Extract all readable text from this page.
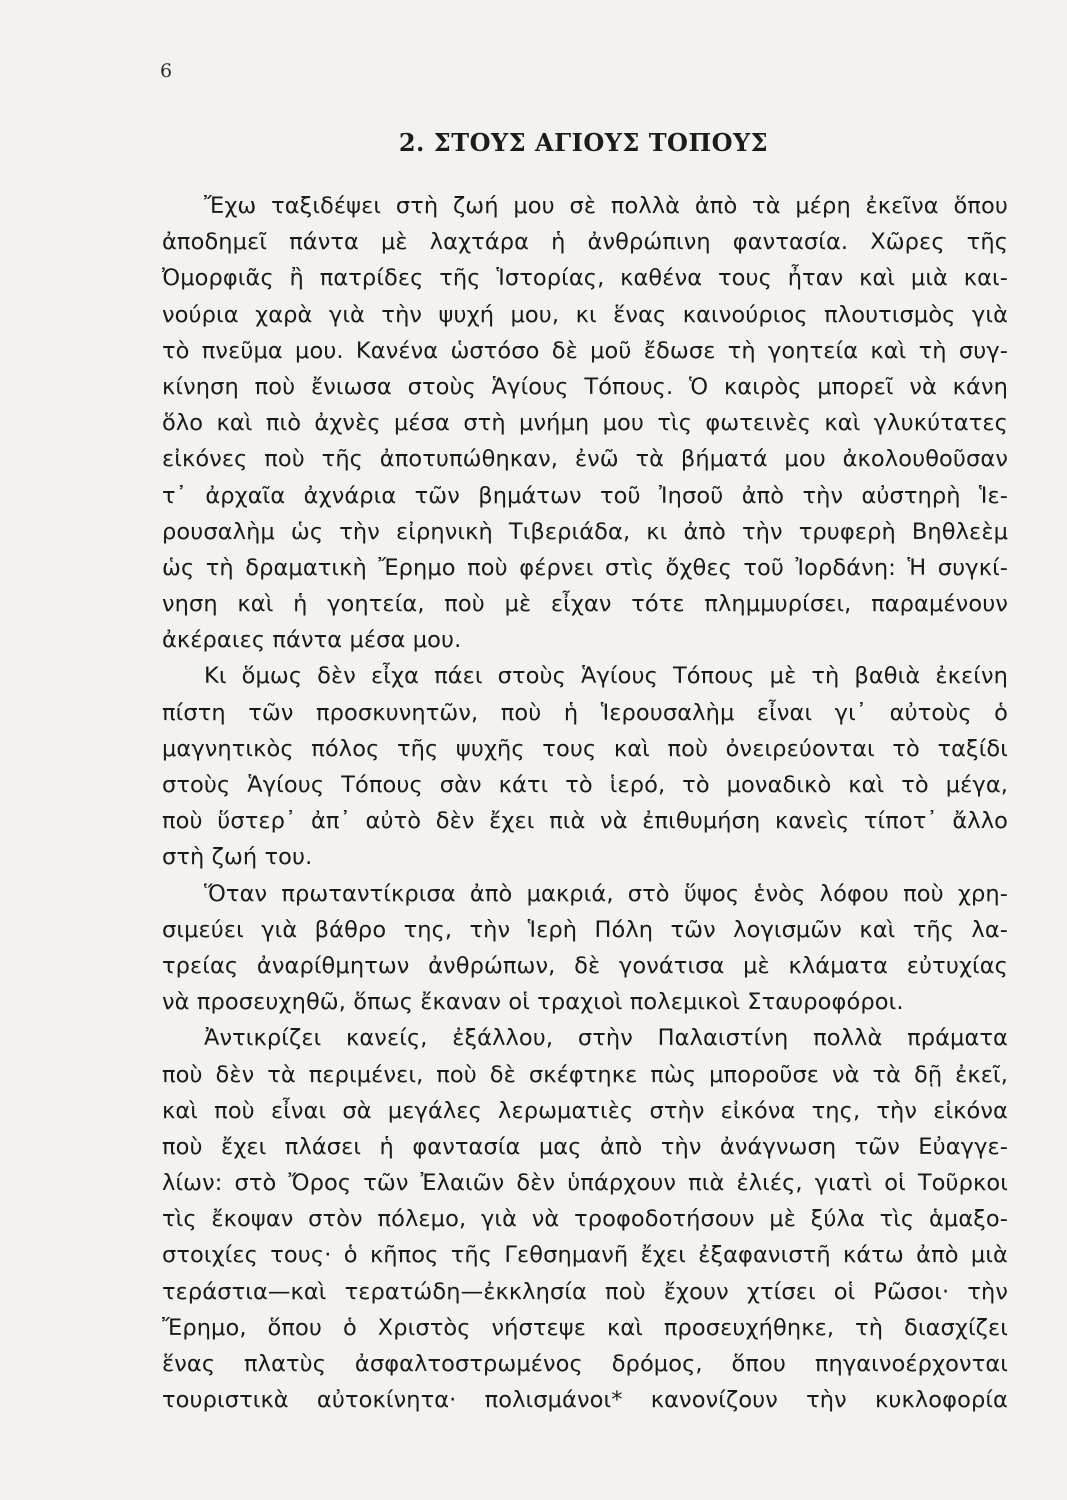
6
2. ΣΤΟΥΣ ΑΓΙΟΥΣ ΤΟΠΟΥΣ
Ἔχω ταξιδέψει στὴ ζωή μου σὲ πολλὰ ἀπὸ τὰ μέρη ἐκεῖνα ὅπου
ἀποδημεῖ πάντα μὲ λαχτάρα ἡ ἀνθρώπινη φαντασία. Χῶρες τῆς
Ὀμορφιᾶς ἢ πατρίδες τῆς Ἱστορίας, καθένα τους ἦταν καὶ μιὰ και-
νούρια χαρὰ γιὰ τὴν ψυχή μου, κι ἕνας καινούριος πλουτισμὸς γιὰ
τὸ πνεῦμα μου. Κανένα ὡστόσο δὲ μοῦ ἔδωσε τὴ γοητεία καὶ τὴ συγ-
κίνηση ποὺ ἔνιωσα στοὺς Ἁγίους Τόπους. Ὁ καιρὸς μπορεῖ νὰ κάνη
ὅλο καὶ πιὸ ἀχνὲς μέσα στὴ μνήμη μου τὶς φωτεινὲς καὶ γλυκύτατες
εἰκόνες ποὺ τῆς ἀποτυπώθηκαν, ἐνῶ τὰ βήματά μου ἀκολουθοῦσαν
τ᾿ ἀρχαῖα ἀχνάρια τῶν βημάτων τοῦ Ἰησοῦ ἀπὸ τὴν αὐστηρὴ Ἱε-
ρουσαλὴμ ὡς τὴν εἰρηνικὴ Τιβεριάδα, κι ἀπὸ τὴν τρυφερὴ Βηθλεὲμ
ὡς τὴ δραματικὴ Ἔρημο ποὺ φέρνει στὶς ὄχθες τοῦ Ἰορδάνη: Ἡ συγκί-
νηση καὶ ἡ γοητεία, ποὺ μὲ εἶχαν τότε πλημμυρίσει, παραμένουν
ἀκέραιες πάντα μέσα μου.
Κι ὅμως δὲν εἶχα πάει στοὺς Ἁγίους Τόπους μὲ τὴ βαθιὰ ἐκείνη
πίστη τῶν προσκυνητῶν, ποὺ ἡ Ἱερουσαλὴμ εἶναι γι᾿ αὐτοὺς ὁ
μαγνητικὸς πόλος τῆς ψυχῆς τους καὶ ποὺ ὀνειρεύονται τὸ ταξίδι
στοὺς Ἁγίους Τόπους σὰν κάτι τὸ ἱερό, τὸ μοναδικὸ καὶ τὸ μέγα,
ποὺ ὕστερ᾿ ἀπ᾿ αὐτὸ δὲν ἔχει πιὰ νὰ ἐπιθυμήση κανεὶς τίποτ᾿ ἄλλο
στὴ ζωή του.
Ὅταν πρωταντίκρισα ἀπὸ μακριά, στὸ ὕψος ἑνὸς λόφου ποὺ χρη-
σιμεύει γιὰ βάθρο της, τὴν Ἱερὴ Πόλη τῶν λογισμῶν καὶ τῆς λα-
τρείας ἀναρίθμητων ἀνθρώπων, δὲ γονάτισα μὲ κλάματα εὐτυχίας
νὰ προσευχηθῶ, ὅπως ἔκαναν οἱ τραχιοὶ πολεμικοὶ Σταυροφόροι.
Ἀντικρίζει κανείς, ἐξάλλου, στὴν Παλαιστίνη πολλὰ πράματα
ποὺ δὲν τὰ περιμένει, ποὺ δὲ σκέφτηκε πὼς μποροῦσε νὰ τὰ δῇ ἐκεῖ,
καὶ ποὺ εἶναι σὰ μεγάλες λερωματιὲς στὴν εἰκόνα της, τὴν εἰκόνα
ποὺ ἔχει πλάσει ἡ φαντασία μας ἀπὸ τὴν ἀνάγνωση τῶν Εὐαγγε-
λίων: στὸ Ὄρος τῶν Ἐλαιῶν δὲν ὑπάρχουν πιὰ ἐλιές, γιατὶ οἱ Τοῦρκοι
τὶς ἔκοψαν στὸν πόλεμο, γιὰ νὰ τροφοδοτήσουν μὲ ξύλα τὶς ἁμαξο-
στοιχίες τους· ὁ κῆπος τῆς Γεθσημανῆ ἔχει ἐξαφανιστῆ κάτω ἀπὸ μιὰ
τεράστια—καὶ τερατώδη—ἐκκλησία ποὺ ἔχουν χτίσει οἱ Ρῶσοι· τὴν
Ἔρημο, ὅπου ὁ Χριστὸς νήστεψε καὶ προσευχήθηκε, τὴ διασχίζει
ἕνας πλατὺς ἀσφαλτοστρωμένος δρόμος, ὅπου πηγαινοέρχονται
τουριστικὰ αὐτοκίνητα· πολισμάνοι* κανονίζουν τὴν κυκλοφορία
